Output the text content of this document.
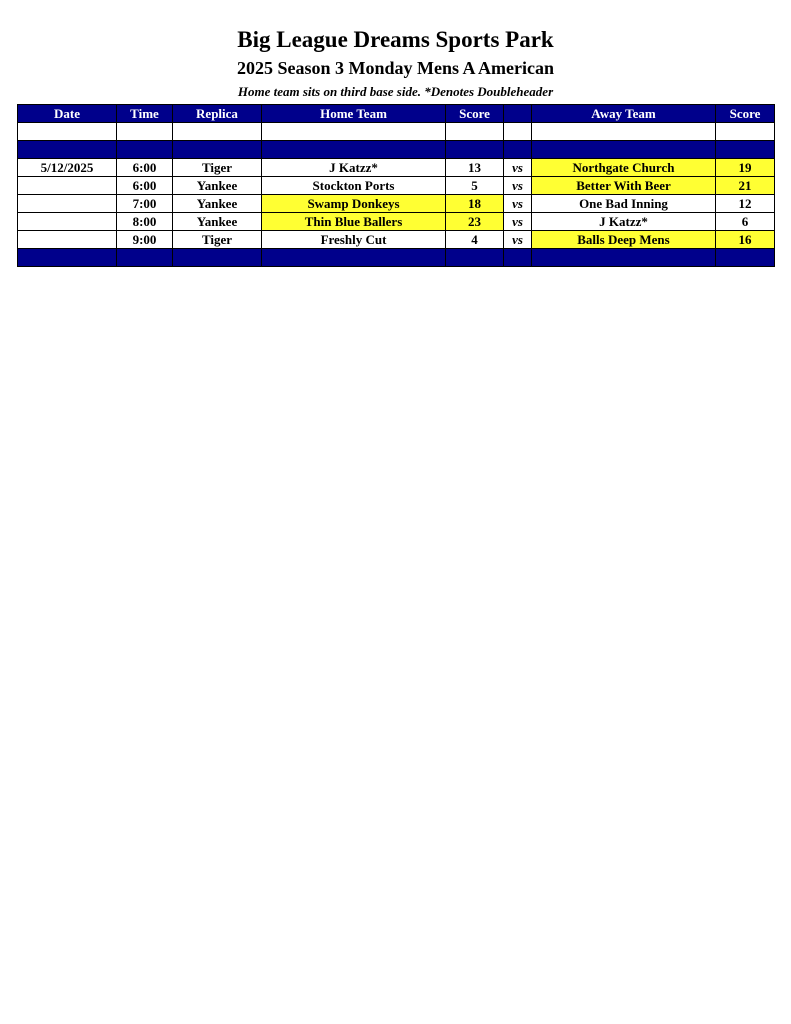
Big League Dreams Sports Park
2025 Season 3 Monday Mens A American
Home team sits on third base side. *Denotes Doubleheader
Date	Time	Replica	Home Team	Score		Away Team	Score

5/12/2025	6:00	Tiger	J Katzz*	13	vs	Northgate Church	19
	6:00	Yankee	Stockton Ports	5	vs	Better With Beer	21
	7:00	Yankee	Swamp Donkeys	18	vs	One Bad Inning	12
	8:00	Yankee	Thin Blue Ballers	23	vs	J Katzz*	6
	9:00	Tiger	Freshly Cut	4	vs	Balls Deep Mens	16
